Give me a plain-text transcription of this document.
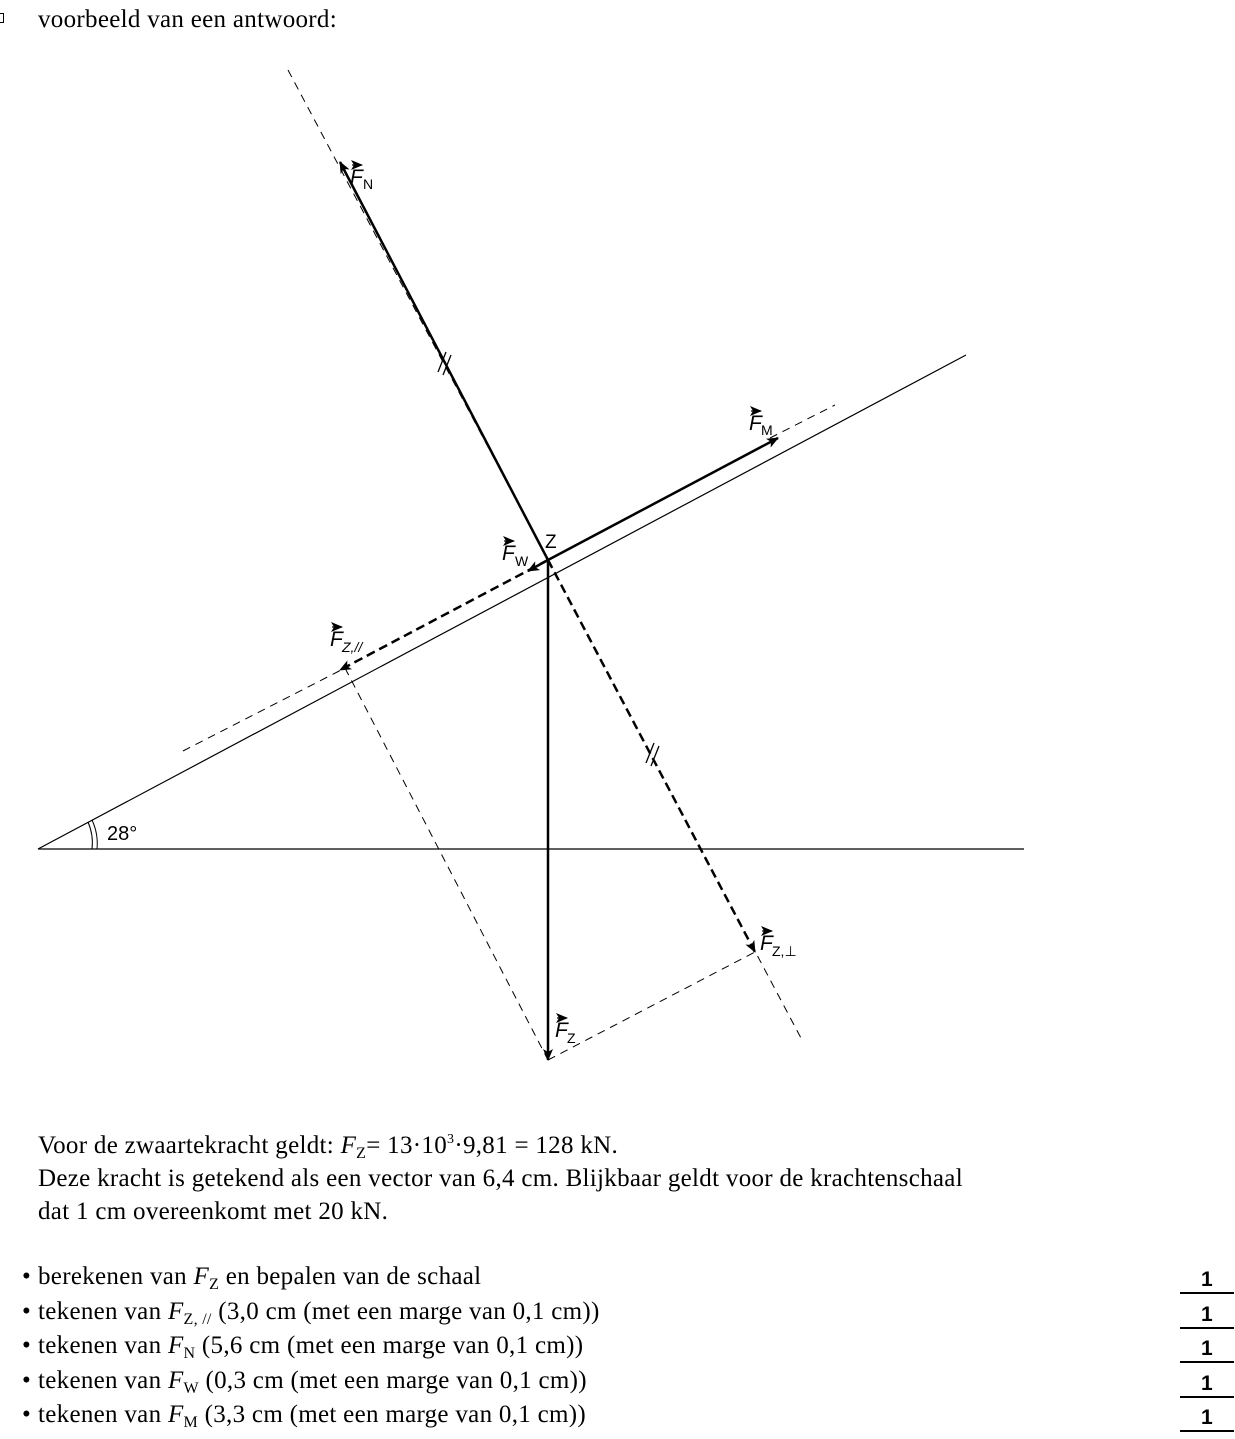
voorbeeld van een antwoord:
28°
Z
F N
F M
F W
F Z,//
F Z
F Z,⊥
Voor de zwaartekracht geldt: $F_Z= 13\cdot 10^3\cdot 9,81 = 128$ kN.
Deze kracht is getekend als een vector van 6,4 cm. Blijkbaar geldt voor de krachtenschaal
dat 1 cm overeenkomt met 20 kN.
• berekenen van $F_Z$ en bepalen van de schaal	1
• tekenen van $F_{Z, //}$ (3,0 cm (met een marge van 0,1 cm))	1
• tekenen van $F_N$ (5,6 cm (met een marge van 0,1 cm))	1
• tekenen van $F_W$ (0,3 cm (met een marge van 0,1 cm))	1
• tekenen van $F_M$ (3,3 cm (met een marge van 0,1 cm))	1
